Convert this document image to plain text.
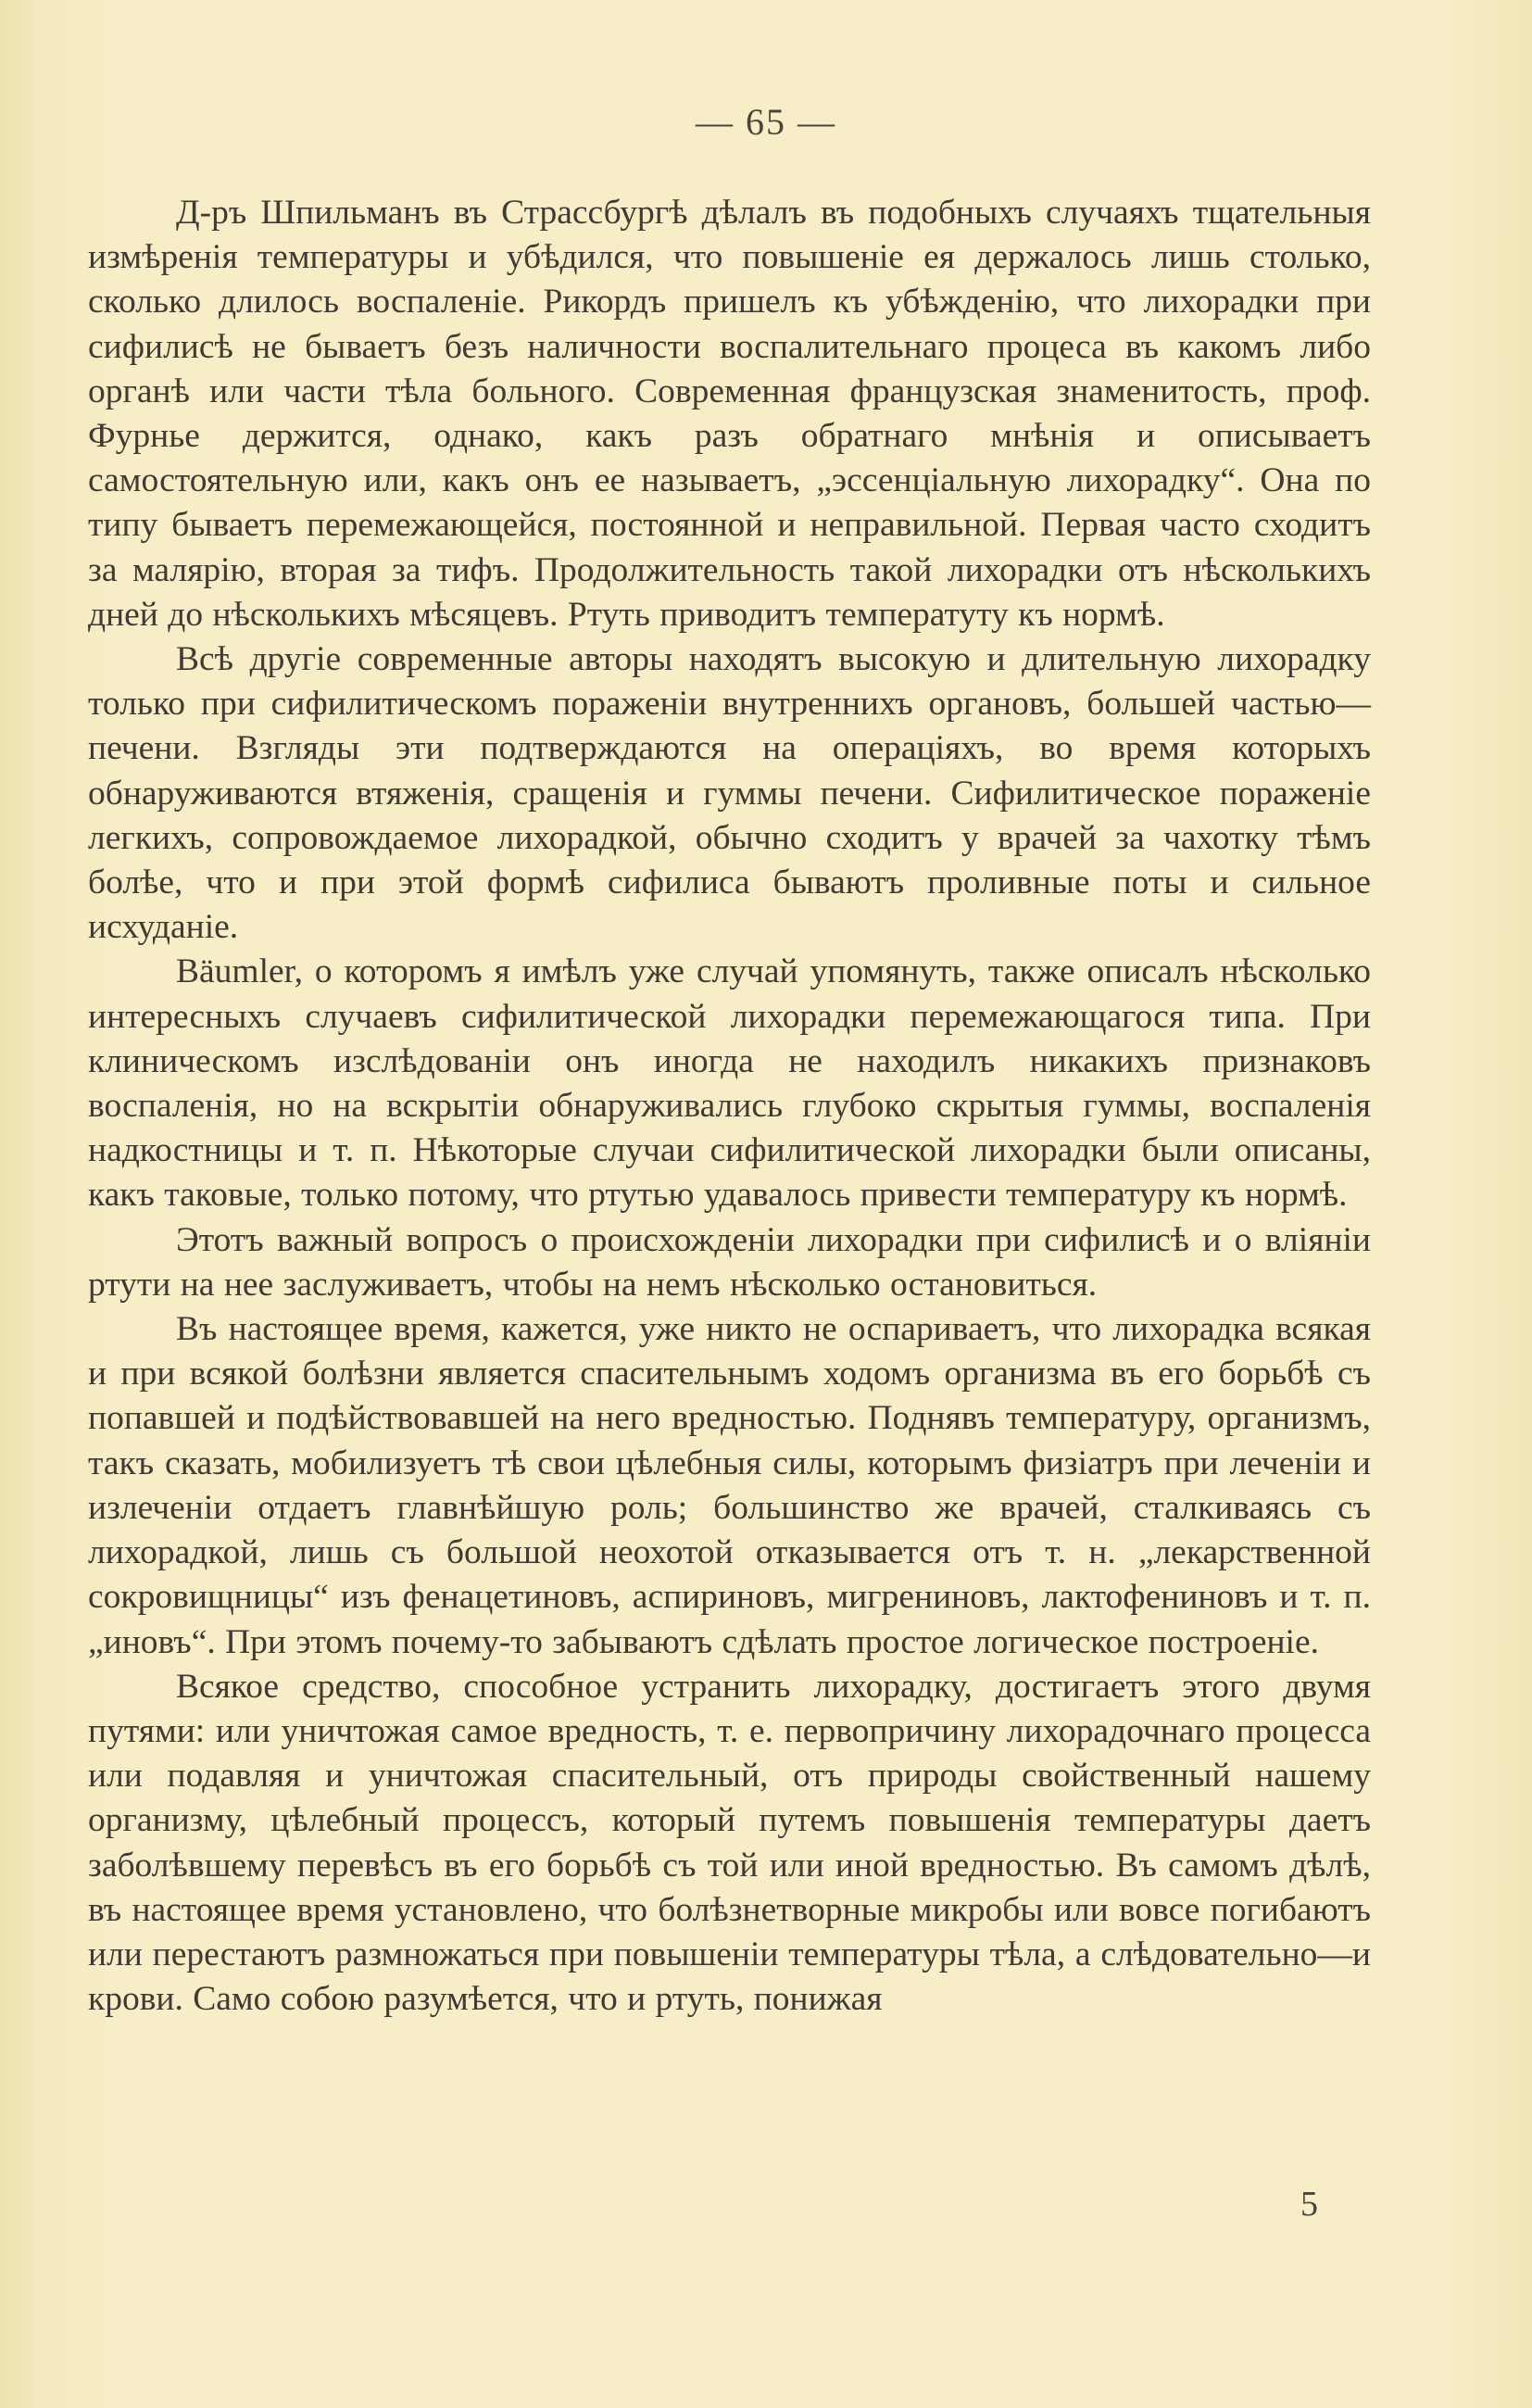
— 65 —

Д-ръ Шпильманъ въ Страссбургѣ дѣлалъ въ подобныхъ случаяхъ тщательныя измѣренія температуры и убѣдился, что повышеніе ея держалось лишь столько, сколько длилось воспаленіе. Рикордъ пришелъ къ убѣжденію, что лихорадки при сифилисѣ не бываетъ безъ наличности воспалительнаго процеса въ какомъ либо органѣ или части тѣла больного. Современная французская знаменитость, проф. Фурнье держится, однако, какъ разъ обратнаго мнѣнія и описываетъ самостоятельную или, какъ онъ ее называетъ, „эссенціальную лихорадку“. Она по типу бываетъ перемежающейся, постоянной и неправильной. Первая часто сходитъ за малярію, вторая за тифъ. Продолжительность такой лихорадки отъ нѣсколькихъ дней до нѣсколькихъ мѣсяцевъ. Ртуть приводитъ температуту къ нормѣ.

Всѣ другіе современные авторы находятъ высокую и длительную лихорадку только при сифилитическомъ пораженіи внутреннихъ органовъ, большей частью—печени. Взгляды эти подтверждаются на операціяхъ, во время которыхъ обнаруживаются втяженія, сращенія и гуммы печени. Сифилитическое пораженіе легкихъ, сопровождаемое лихорадкой, обычно сходитъ у врачей за чахотку тѣмъ болѣе, что и при этой формѣ сифилиса бываютъ проливные поты и сильное исхуданіе.

Bäumler, о которомъ я имѣлъ уже случай упомянуть, также описалъ нѣсколько интересныхъ случаевъ сифилитической лихорадки перемежающагося типа. При клиническомъ изслѣдованіи онъ иногда не находилъ никакихъ признаковъ воспаленія, но на вскрытіи обнаруживались глубоко скрытыя гуммы, воспаленія надкостницы и т. п. Нѣкоторые случаи сифилитической лихорадки были описаны, какъ таковые, только потому, что ртутью удавалось привести температуру къ нормѣ.

Этотъ важный вопросъ о происхожденіи лихорадки при сифилисѣ и о вліяніи ртути на нее заслуживаетъ, чтобы на немъ нѣсколько остановиться.

Въ настоящее время, кажется, уже никто не оспариваетъ, что лихорадка всякая и при всякой болѣзни является спасительнымъ ходомъ организма въ его борьбѣ съ попавшей и подѣйствовавшей на него вредностью. Поднявъ температуру, организмъ, такъ сказать, мобилизуетъ тѣ свои цѣлебныя силы, которымъ физіатръ при леченіи и излеченіи отдаетъ главнѣйшую роль; большинство же врачей, сталкиваясь съ лихорадкой, лишь съ большой неохотой отказывается отъ т. н. „лекарственной сокровищницы“ изъ фенацетиновъ, аспириновъ, мигрениновъ, лактофениновъ и т. п. „иновъ“. При этомъ почему-то забываютъ сдѣлать простое логическое построеніе.

Всякое средство, способное устранить лихорадку, достигаетъ этого двумя путями: или уничтожая самое вредность, т. е. первопричину лихорадочнаго процесса или подавляя и уничтожая спасительный, отъ природы свойственный нашему организму, цѣлебный процессъ, который путемъ повышенія температуры даетъ заболѣвшему перевѣсъ въ его борьбѣ съ той или иной вредностью. Въ самомъ дѣлѣ, въ настоящее время установлено, что болѣзнетворные микробы или вовсе погибаютъ или перестаютъ размножаться при повышеніи температуры тѣла, а слѣдовательно—и крови. Само собою разумѣется, что и ртуть, понижая

5
